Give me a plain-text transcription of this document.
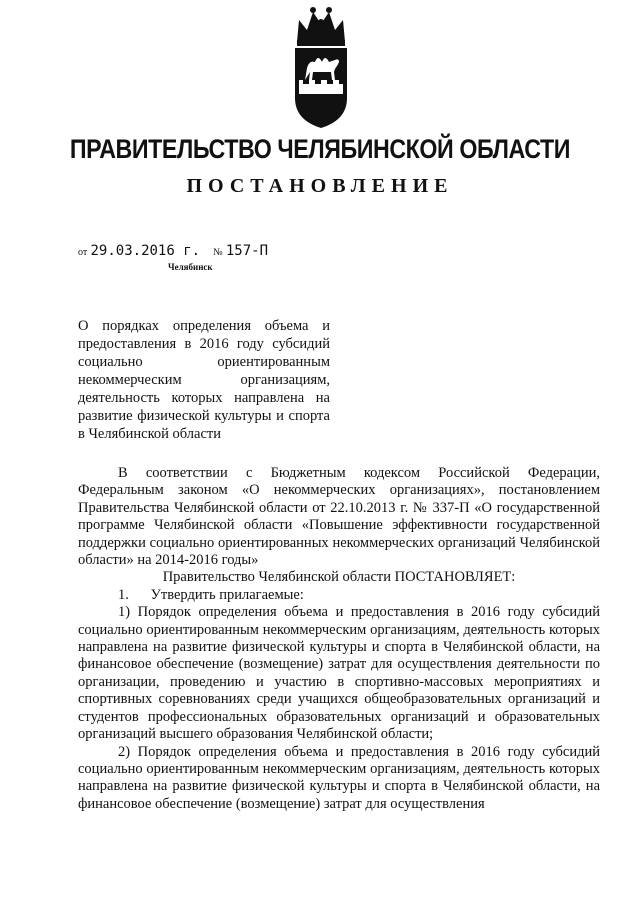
ПРАВИТЕЛЬСТВО ЧЕЛЯБИНСКОЙ ОБЛАСТИ
ПОСТАНОВЛЕНИЕ
от 29.03.2016 г. № 157-П
Челябинск
О порядках определения объема и предоставления в 2016 году субсидий социально ориентированным некоммерческим организациям, деятельность которых направлена на развитие физической культуры и спорта в Челябинской области

В соответствии с Бюджетным кодексом Российской Федерации, Федеральным законом «О некоммерческих организациях», постановлением Правительства Челябинской области от 22.10.2013 г. № 337-П «О государственной программе Челябинской области «Повышение эффективности государственной поддержки социально ориентированных некоммерческих организаций Челябинской области» на 2014-2016 годы»

Правительство Челябинской области ПОСТАНОВЛЯЕТ:

1.      Утвердить прилагаемые:

1) Порядок определения объема и предоставления в 2016 году субсидий социально ориентированным некоммерческим организациям, деятельность которых направлена на развитие физической культуры и спорта в Челябинской области, на финансовое обеспечение (возмещение) затрат для осуществления деятельности по организации, проведению и участию в спортивно-массовых мероприятиях и спортивных соревнованиях среди учащихся общеобразовательных организаций и студентов профессиональных образовательных организаций и образовательных организаций высшего образования Челябинской области;

2) Порядок определения объема и предоставления в 2016 году субсидий социально ориентированным некоммерческим организациям, деятельность которых направлена на развитие физической культуры и спорта в Челябинской области, на финансовое обеспечение (возмещение) затрат для осуществления
